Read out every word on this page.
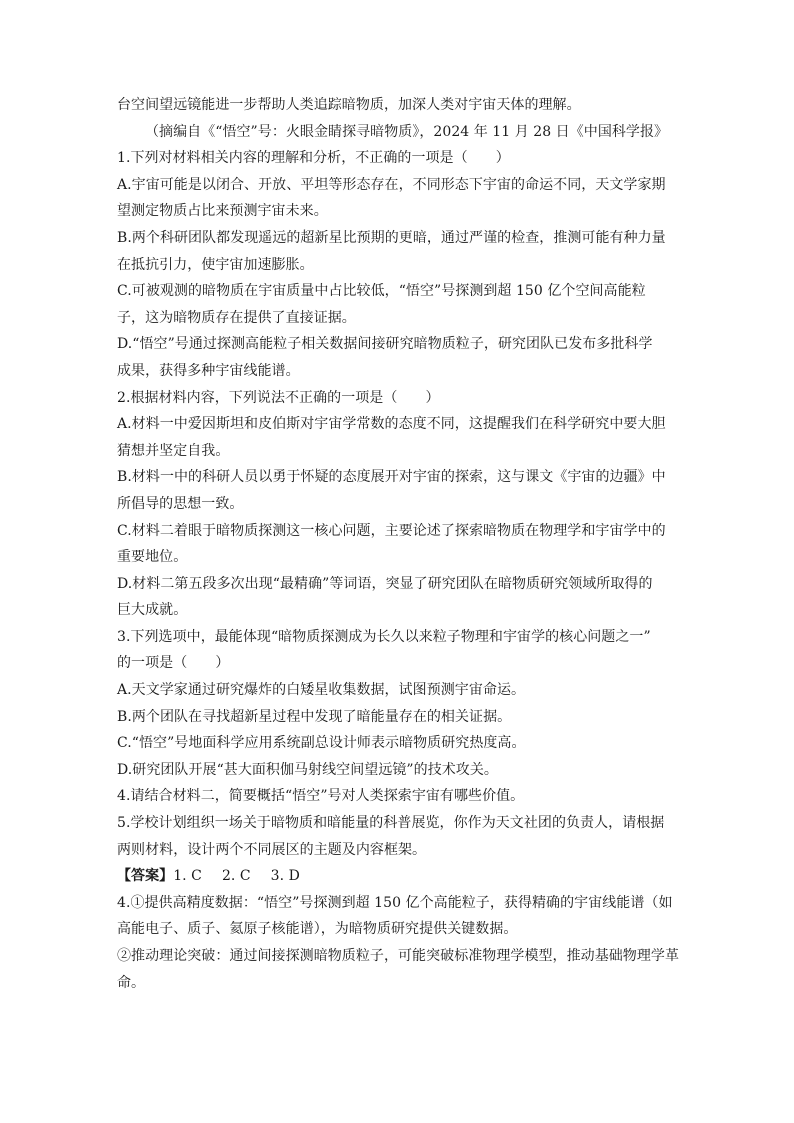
台空间望远镜能进一步帮助人类追踪暗物质，加深人类对宇宙天体的理解。
（摘编自《“悟空”号：火眼金睛探寻暗物质》，2024 年 11 月 28 日《中国科学报》
1.下列对材料相关内容的理解和分析，不正确的一项是（　　）
A.宇宙可能是以闭合、开放、平坦等形态存在，不同形态下宇宙的命运不同，天文学家期
望测定物质占比来预测宇宙未来。
B.两个科研团队都发现遥远的超新星比预期的更暗，通过严谨的检查，推测可能有种力量
在抵抗引力，使宇宙加速膨胀。
C.可被观测的暗物质在宇宙质量中占比较低，“悟空”号探测到超 150 亿个空间高能粒
子，这为暗物质存在提供了直接证据。
D.“悟空”号通过探测高能粒子相关数据间接研究暗物质粒子，研究团队已发布多批科学
成果，获得多种宇宙线能谱。
2.根据材料内容，下列说法不正确的一项是（　　）
A.材料一中爱因斯坦和皮伯斯对宇宙学常数的态度不同，这提醒我们在科学研究中要大胆
猜想并坚定自我。
B.材料一中的科研人员以勇于怀疑的态度展开对宇宙的探索，这与课文《宇宙的边疆》中
所倡导的思想一致。
C.材料二着眼于暗物质探测这一核心问题，主要论述了探索暗物质在物理学和宇宙学中的
重要地位。
D.材料二第五段多次出现“最精确”等词语，突显了研究团队在暗物质研究领域所取得的
巨大成就。
3.下列选项中，最能体现“暗物质探测成为长久以来粒子物理和宇宙学的核心问题之一”
的一项是（　　）
A.天文学家通过研究爆炸的白矮星收集数据，试图预测宇宙命运。
B.两个团队在寻找超新星过程中发现了暗能量存在的相关证据。
C.“悟空”号地面科学应用系统副总设计师表示暗物质研究热度高。
D.研究团队开展“甚大面积伽马射线空间望远镜”的技术攻关。
4.请结合材料二，简要概括“悟空”号对人类探索宇宙有哪些价值。
5.学校计划组织一场关于暗物质和暗能量的科普展览，你作为天文社团的负责人，请根据
两则材料，设计两个不同展区的主题及内容框架。
【答案】1. C 2. C 3. D
4.①提供高精度数据：“悟空”号探测到超 150 亿个高能粒子，获得精确的宇宙线能谱（如
高能电子、质子、氦原子核能谱），为暗物质研究提供关键数据。
②推动理论突破：通过间接探测暗物质粒子，可能突破标准物理学模型，推动基础物理学革
命。
